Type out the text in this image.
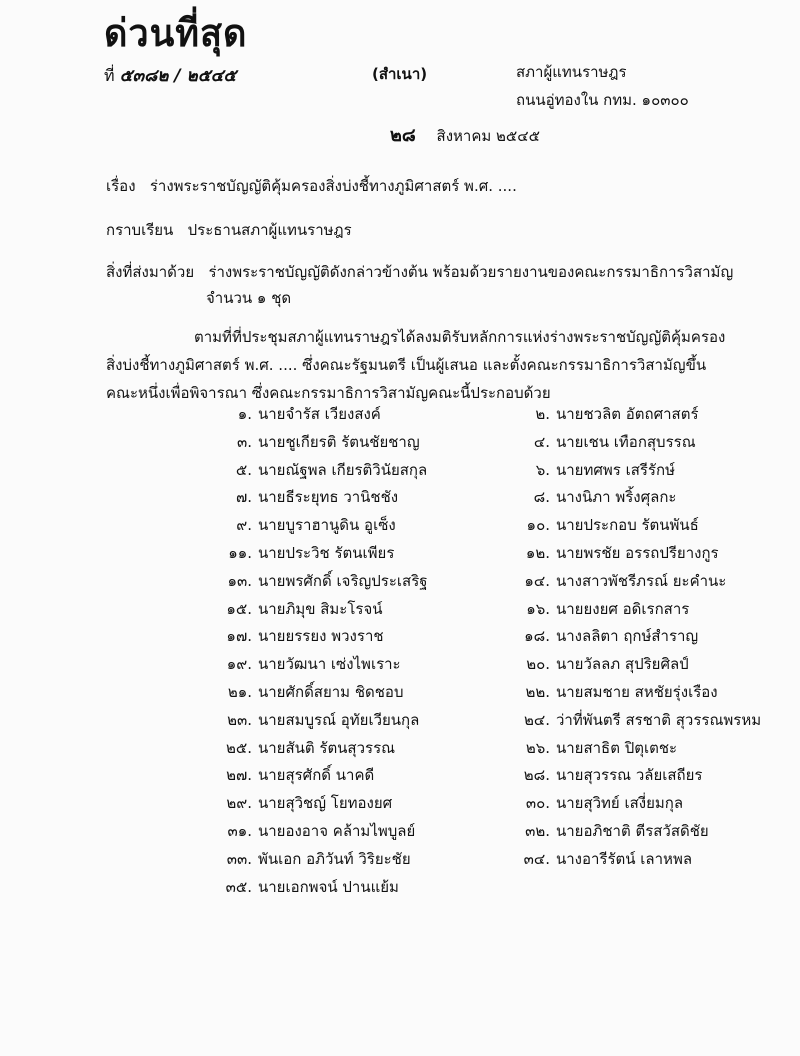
ด่วนที่สุด
ที่ ๕๓๘๒ / ๒๕๔๕	(สำเนา)	สภาผู้แทนราษฎร
ถนนอู่ทองใน กทม. ๑๐๓๐๐
๒๘ สิงหาคม ๒๕๔๕
เรื่อง ร่างพระราชบัญญัติคุ้มครองสิ่งบ่งชี้ทางภูมิศาสตร์ พ.ศ. ....
กราบเรียน ประธานสภาผู้แทนราษฎร
สิ่งที่ส่งมาด้วย ร่างพระราชบัญญัติดังกล่าวข้างต้น พร้อมด้วยรายงานของคณะกรรมาธิการวิสามัญ
จำนวน ๑ ชุด
ตามที่ที่ประชุมสภาผู้แทนราษฎรได้ลงมติรับหลักการแห่งร่างพระราชบัญญัติคุ้มครอง
สิ่งบ่งชี้ทางภูมิศาสตร์ พ.ศ. .... ซึ่งคณะรัฐมนตรี เป็นผู้เสนอ และตั้งคณะกรรมาธิการวิสามัญขึ้น
คณะหนึ่งเพื่อพิจารณา ซึ่งคณะกรรมาธิการวิสามัญคณะนี้ประกอบด้วย
๑. นายจำรัส เวียงสงค์	๒. นายชวลิต อัตถศาสตร์
๓. นายชูเกียรติ รัตนชัยชาญ	๔. นายเชน เทือกสุบรรณ
๕. นายณัฐพล เกียรติวินัยสกุล	๖. นายทศพร เสรีรักษ์
๗. นายธีระยุทธ วานิชชัง	๘. นางนิภา พริ้งศุลกะ
๙. นายบูราฮานูดิน อูเซ็ง	๑๐. นายประกอบ รัตนพันธ์
๑๑. นายประวิช รัตนเพียร	๑๒. นายพรชัย อรรถปรียางกูร
๑๓. นายพรศักดิ์ เจริญประเสริฐ	๑๔. นางสาวพัชรีภรณ์ ยะคำนะ
๑๕. นายภิมุข สิมะโรจน์	๑๖. นายยงยศ อดิเรกสาร
๑๗. นายยรรยง พวงราช	๑๘. นางลลิตา ฤกษ์สำราญ
๑๙. นายวัฒนา เซ่งไพเราะ	๒๐. นายวัลลภ สุปริยศิลป์
๒๑. นายศักดิ์สยาม ชิดชอบ	๒๒. นายสมชาย สหชัยรุ่งเรือง
๒๓. นายสมบูรณ์ อุทัยเวียนกุล	๒๔. ว่าที่พันตรี สรชาติ สุวรรณพรหม
๒๕. นายสันติ รัตนสุวรรณ	๒๖. นายสาธิต ปิตุเตชะ
๒๗. นายสุรศักดิ์ นาคดี	๒๘. นายสุวรรณ วลัยเสถียร
๒๙. นายสุวิชญ์ โยทองยศ	๓๐. นายสุวิทย์ เสงี่ยมกุล
๓๑. นายองอาจ คล้ามไพบูลย์	๓๒. นายอภิชาติ ตีรสวัสดิชัย
๓๓. พันเอก อภิวันท์ วิริยะชัย	๓๔. นางอารีรัตน์ เลาหพล
๓๕. นายเอกพจน์ ปานแย้ม
